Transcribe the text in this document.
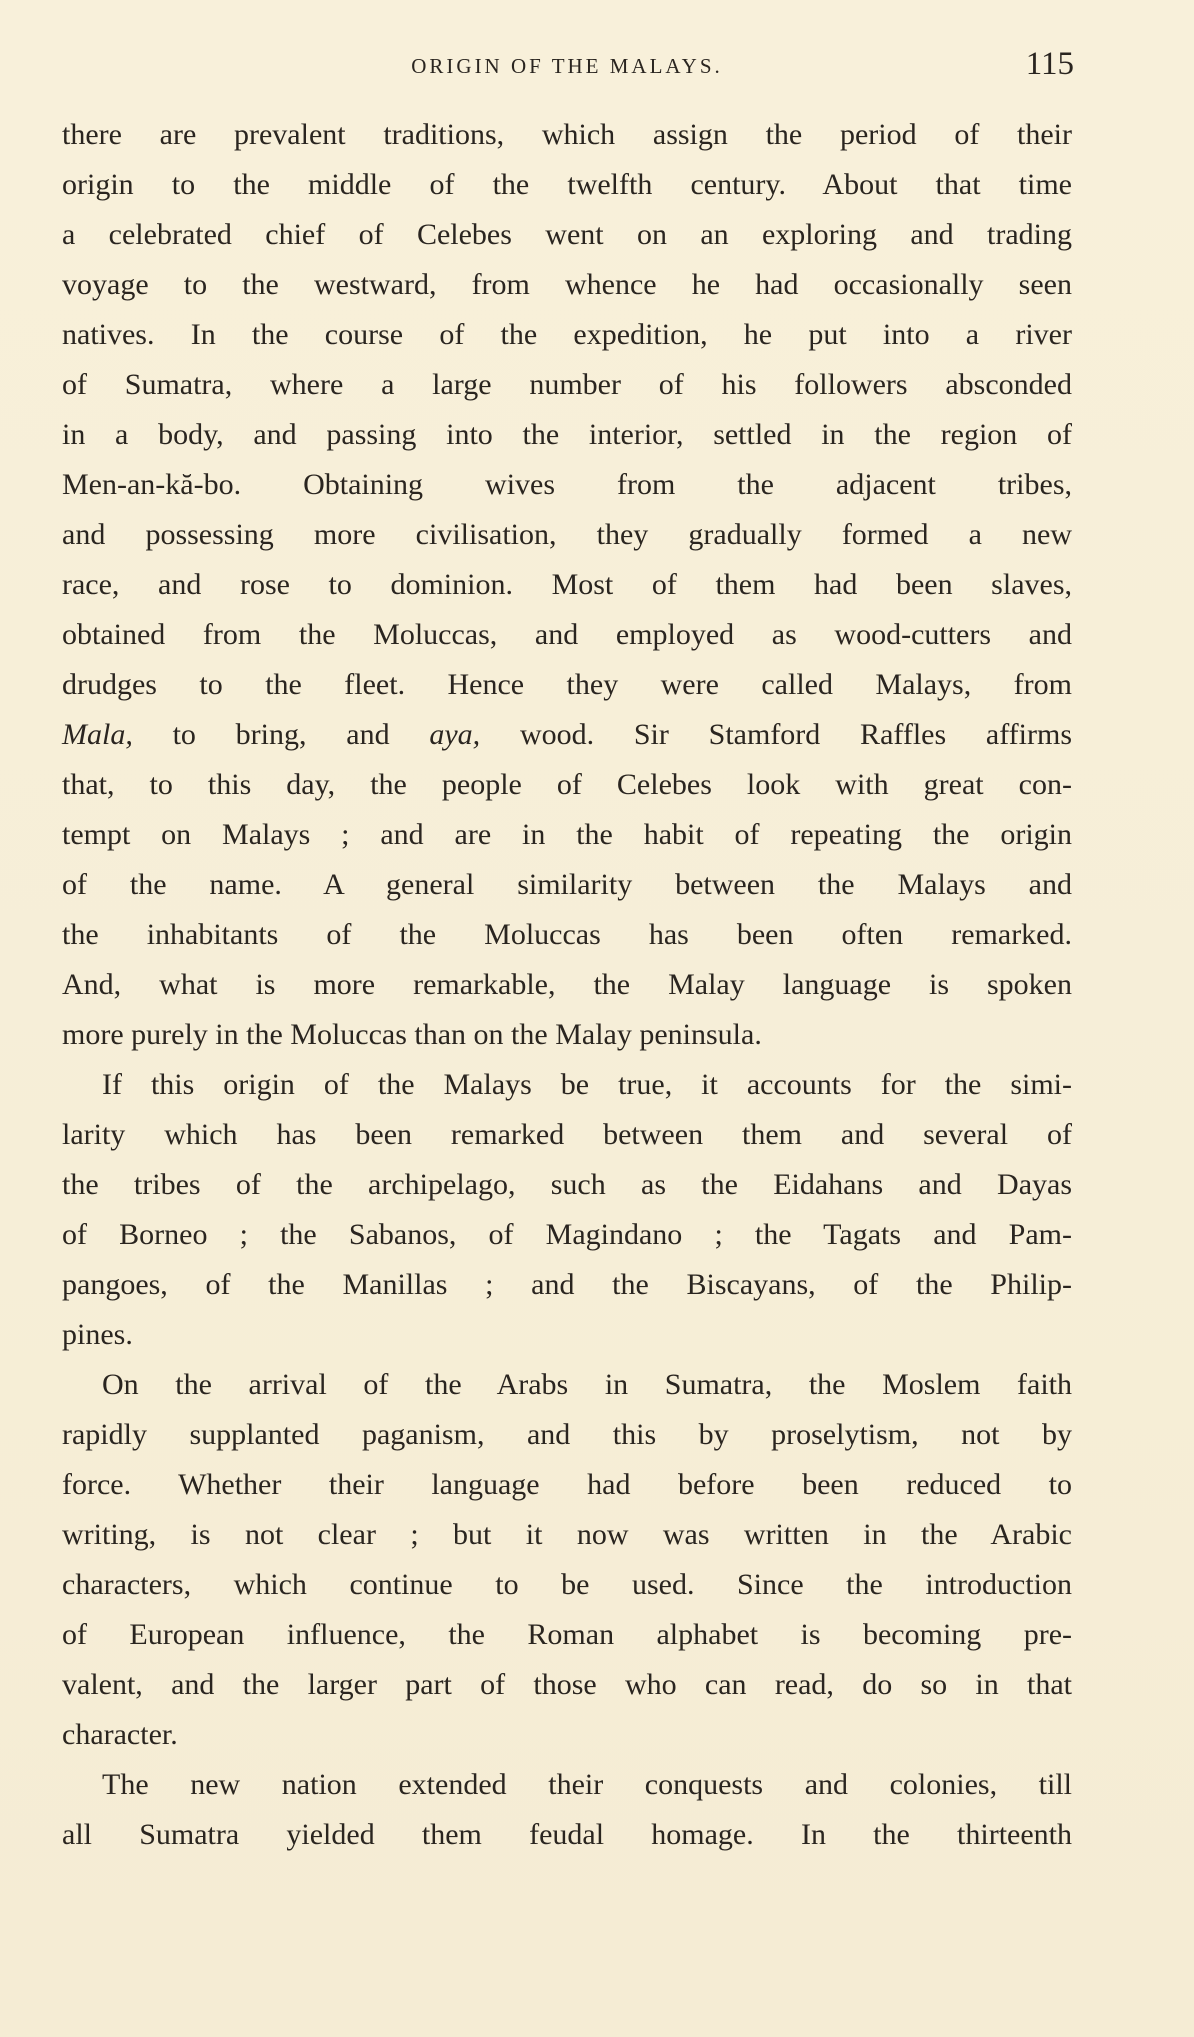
ORIGIN OF THE MALAYS.	115
there are prevalent traditions, which assign the period of their
origin to the middle of the twelfth century. About that time
a celebrated chief of Celebes went on an exploring and trading
voyage to the westward, from whence he had occasionally seen
natives. In the course of the expedition, he put into a river
of Sumatra, where a large number of his followers absconded
in a body, and passing into the interior, settled in the region of
Men-an-kă-bo. Obtaining wives from the adjacent tribes,
and possessing more civilisation, they gradually formed a new
race, and rose to dominion. Most of them had been slaves,
obtained from the Moluccas, and employed as wood-cutters and
drudges to the fleet. Hence they were called Malays, from
Mala, to bring, and aya, wood. Sir Stamford Raffles affirms
that, to this day, the people of Celebes look with great con-
tempt on Malays ; and are in the habit of repeating the origin
of the name. A general similarity between the Malays and
the inhabitants of the Moluccas has been often remarked.
And, what is more remarkable, the Malay language is spoken
more purely in the Moluccas than on the Malay peninsula.
If this origin of the Malays be true, it accounts for the simi-
larity which has been remarked between them and several of
the tribes of the archipelago, such as the Eidahans and Dayas
of Borneo ; the Sabanos, of Magindano ; the Tagats and Pam-
pangoes, of the Manillas ; and the Biscayans, of the Philip-
pines.
On the arrival of the Arabs in Sumatra, the Moslem faith
rapidly supplanted paganism, and this by proselytism, not by
force. Whether their language had before been reduced to
writing, is not clear ; but it now was written in the Arabic
characters, which continue to be used. Since the introduction
of European influence, the Roman alphabet is becoming pre-
valent, and the larger part of those who can read, do so in that
character.
The new nation extended their conquests and colonies, till
all Sumatra yielded them feudal homage. In the thirteenth
